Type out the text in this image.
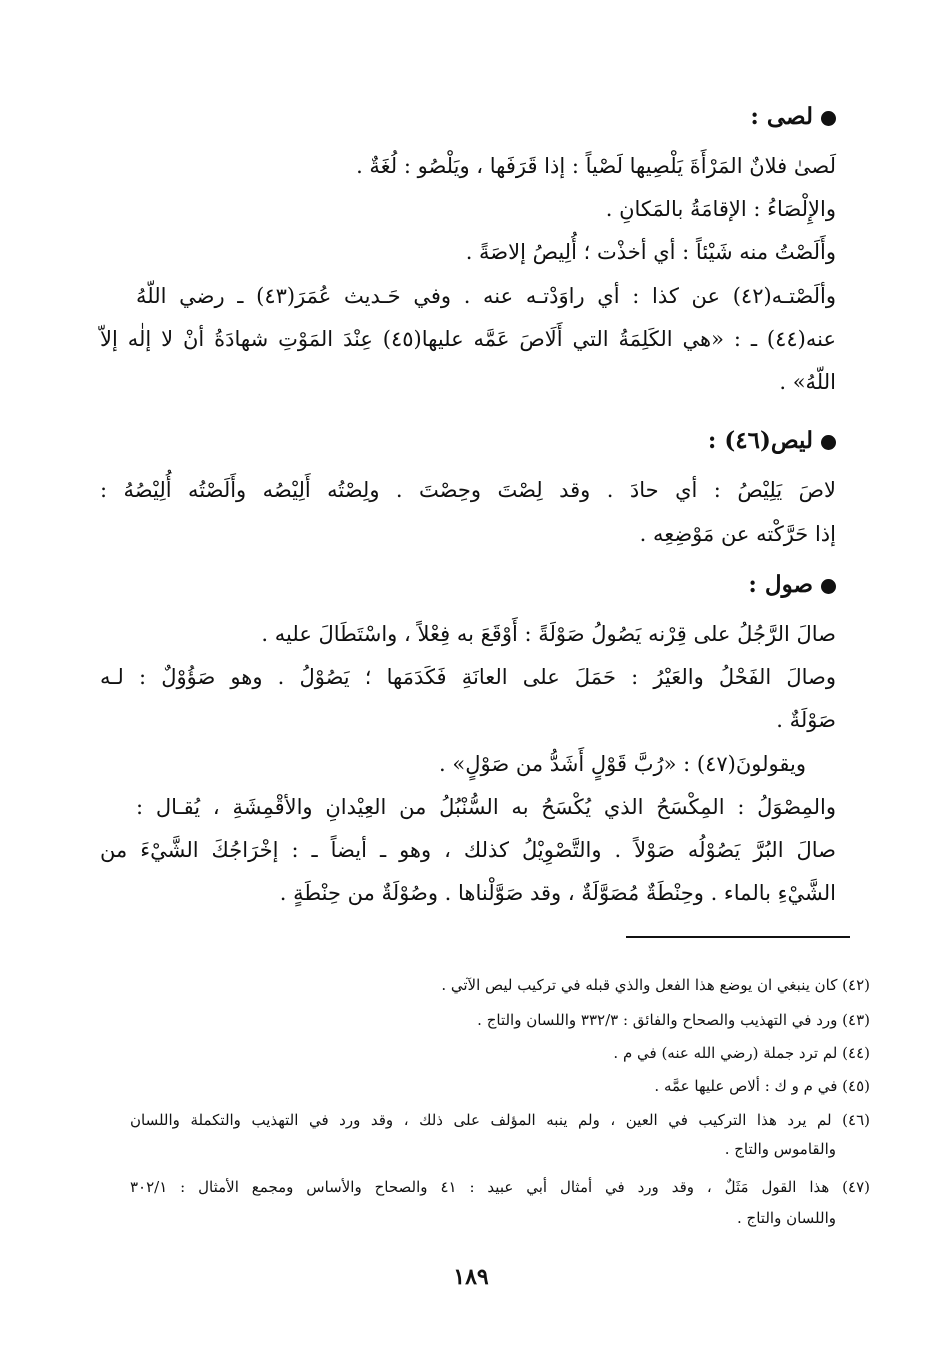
لصى :
لَصىٰ فلانٌ المَرْأَةَ يَلْصِيها لَصْياً : إذا قَرَفَها ، ويَلْصُو : لُغَةٌ .
والإِلْصَاءُ : الإقامَةُ بالمَكانِ .
وأَلَصْتُ منه شَيْئاً : أي أخذْت ؛ أُلِيصُ إلاصَةً .
وألَصْتـه(٤٢) عن كذا : أي راوَدْتـه عنه . وفي حَـديث عُمَرَ(٤٣) ـ رضي اللّهُ
عنه(٤٤) ـ : «هي الكَلِمَةُ التي أَلَاصَ عَمَّه عليها(٤٥) عِنْدَ المَوْتِ شهادَةُ أنْ لا إلٰه إلاّ
اللّهُ» .
ليص(٤٦) :
لاصَ يَلِيْصُ : أي حادَ . وقد لِصْتَ وحِصْتَ . ولِصْتُه أَلِيْصُه وأَلَصْتُه أُلِيْصُهُ :
إذا حَرَّكْته عن مَوْضِعِه .
صول :
صالَ الرَّجُلُ على قِرْنه يَصُولُ صَوْلَةً : أَوْقَعَ به فِعْلاً ، واسْتَطَالَ عليه .
وصالَ الفَحْلُ والعَيْرُ : حَمَلَ على العانَةِ فَكَدَمَها ؛ يَصُوْلُ . وهو صَؤُوْلٌ : لـه
صَوْلَةٌ .
ويقولونَ(٤٧) : «رُبَّ قَوْلٍ أَشَدُّ من صَوْلٍ» .
والمِصْوَلُ : المِكْسَحُ الذي يُكْسَحُ به السُّنْبُلُ من العِيْدانِ والأقْمِشَةِ ، يُقـال :
صالَ البُرَّ يَصُوْلُه صَوْلاً . والتَّصْوِيْلُ كذلك ، وهو ـ أيضاً ـ : إخْرَاجُكَ الشَّيْءَ من
الشَّيْءِ بالماء . وحِنْطَةٌ مُصَوَّلَةٌ ، وقد صَوَّلْناها . وصُوْلَةٌ من حِنْطَةٍ .
(٤٢) كان ينبغي ان يوضع هذا الفعل والذي قبله في تركيب ليص الآتي .
(٤٣) ورد في التهذيب والصحاح والفائق : ٣٣٢/٣ واللسان والتاج .
(٤٤) لم ترد جملة (رضي الله عنه) في م .
(٤٥) في م و ك : ألاص عليها عمَّه .
(٤٦) لم يرد هذا التركيب في العين ، ولم ينبه المؤلف على ذلك ، وقد ورد في التهذيب والتكملة واللسان
والقاموس والتاج .
(٤٧) هذا القول مَثَلٌ ، وقد ورد في أمثال أبي عبيد : ٤١ والصحاح والأساس ومجمع الأمثال : ٣٠٢/١
واللسان والتاج .
١٨٩
